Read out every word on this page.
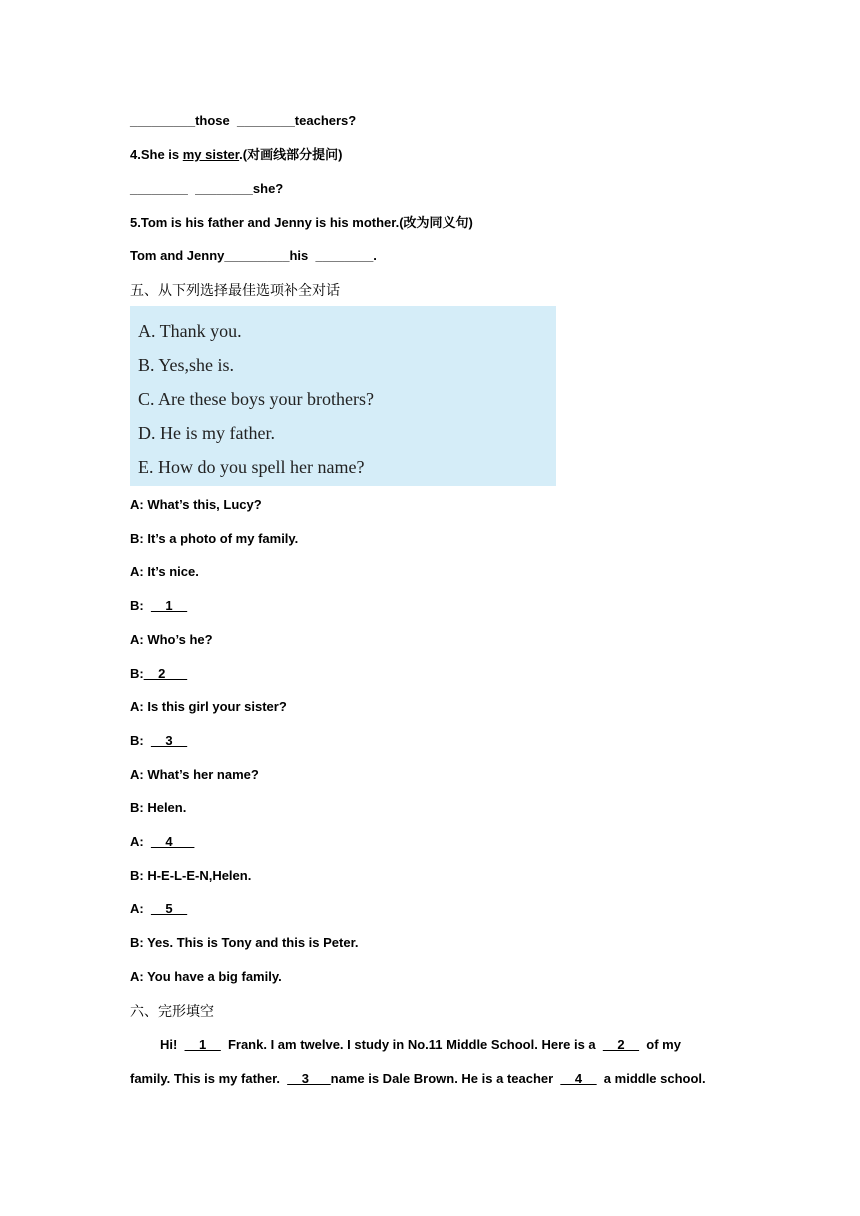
_________those  ________teachers?
4.She is my sister.(对画线部分提问)
________  ________she?
5.Tom is his father and Jenny is his mother.(改为同义句)
Tom and Jenny_________his  ________.
五、从下列选择最佳选项补全对话
A. Thank you.
B. Yes,she is.
C. Are these boys your brothers?
D. He is my father.
E. How do you spell her name?
A: What’s this, Lucy?
B: It’s a photo of my family.
A: It’s nice.
B:  __1__
A: Who’s he?
B:__2___
A: Is this girl your sister?
B:  __3__
A: What’s her name?
B: Helen.
A:  __4___
B: H-E-L-E-N,Helen.
A:  __5__
B: Yes. This is Tony and this is Peter.
A: You have a big family.
六、完形填空
Hi!  __1__  Frank. I am twelve. I study in No.11 Middle School. Here is a  __2__  of my
family. This is my father.  __3___name is Dale Brown. He is a teacher  __4__  a middle school.
